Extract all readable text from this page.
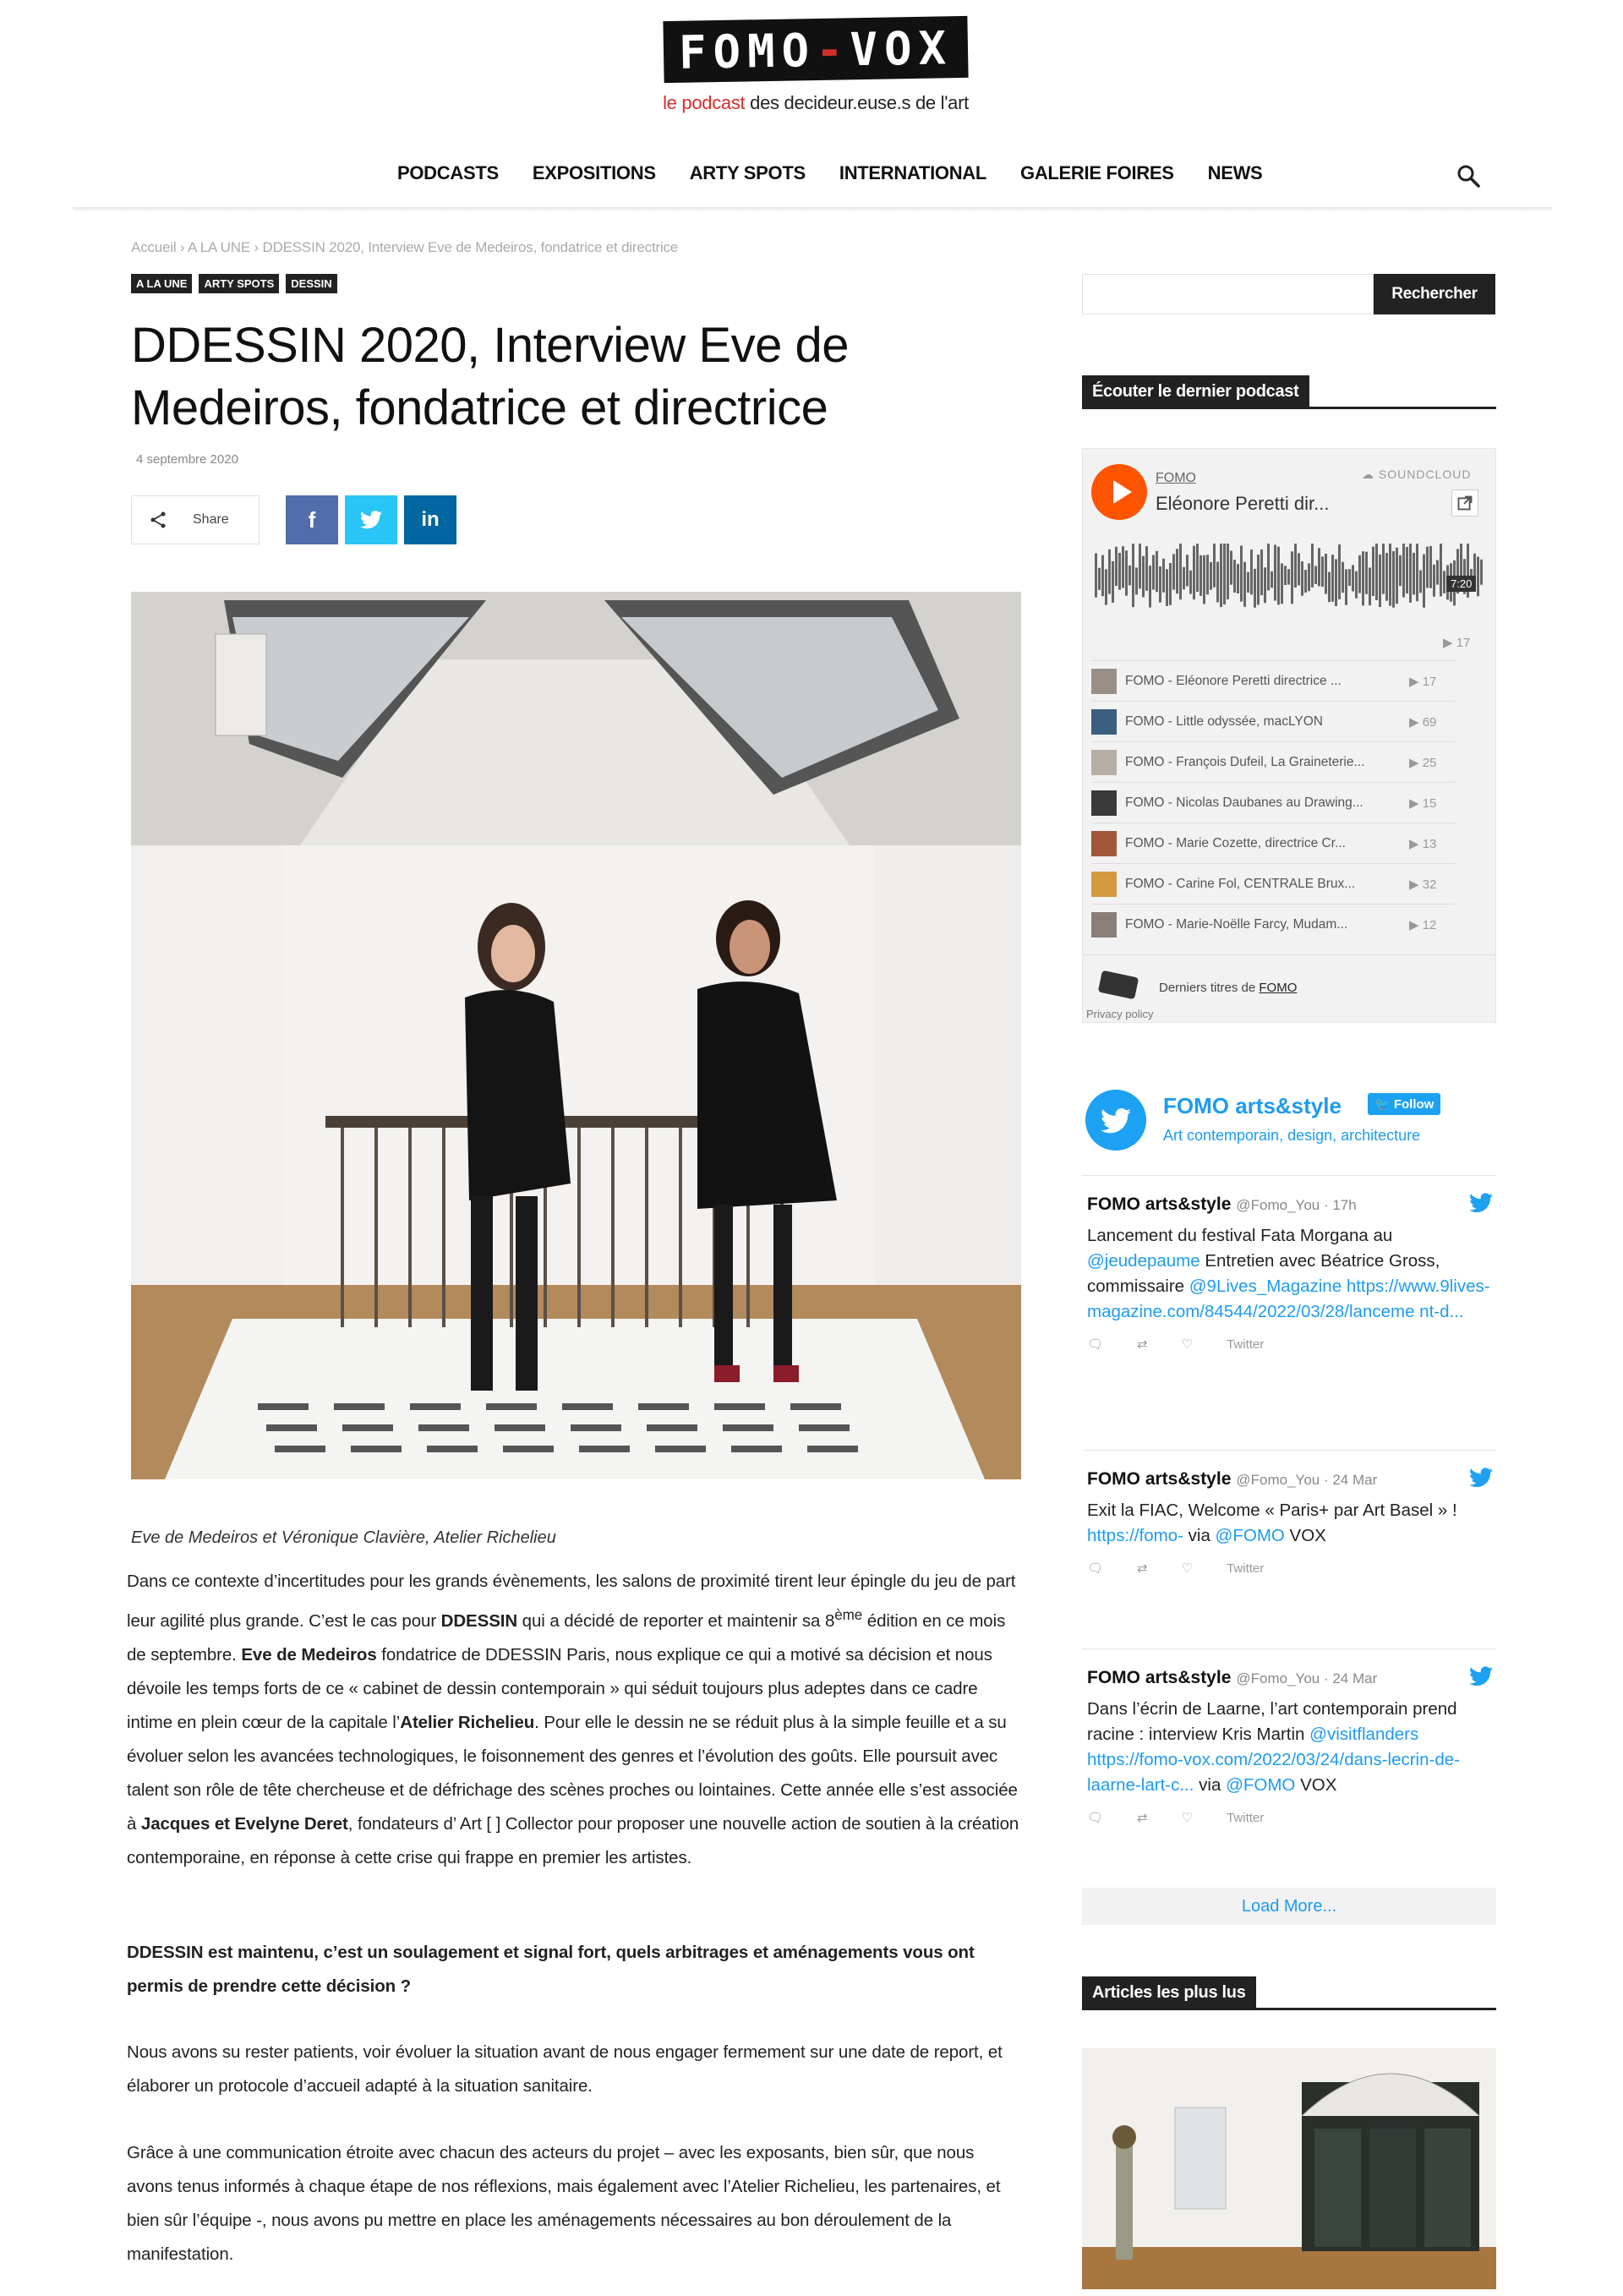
FOMO-VOX
le podcast des decideur.euse.s de l'art
PODCASTS EXPOSITIONS ARTY SPOTS INTERNATIONAL GALERIE FOIRES NEWS
Accueil › A LA UNE › DDESSIN 2020, Interview Eve de Medeiros, fondatrice et directrice
A LA UNE	ARTY SPOTS	DESSIN
DDESSIN 2020, Interview Eve de
Medeiros, fondatrice et directrice
4 septembre 2020
Share	f	in
Eve de Medeiros et Véronique Clavière, Atelier Richelieu
Dans ce contexte d’incertitudes pour les grands évènements, les salons de proximité tirent leur épingle du jeu de part leur agilité plus grande. C’est le cas pour DDESSIN qui a décidé de reporter et maintenir sa 8ème édition en ce mois de septembre. Eve de Medeiros fondatrice de DDESSIN Paris, nous explique ce qui a motivé sa décision et nous dévoile les temps forts de ce « cabinet de dessin contemporain » qui séduit toujours plus adeptes dans ce cadre intime en plein cœur de la capitale l’Atelier Richelieu. Pour elle le dessin ne se réduit plus à la simple feuille et a su évoluer selon les avancées technologiques, le foisonnement des genres et l’évolution des goûts. Elle poursuit avec talent son rôle de tête chercheuse et de défrichage des scènes proches ou lointaines. Cette année elle s’est associée à Jacques et Evelyne Deret, fondateurs d’ Art [ ] Collector pour proposer une nouvelle action de soutien à la création contemporaine, en réponse à cette crise qui frappe en premier les artistes.
DDESSIN est maintenu, c’est un soulagement et signal fort, quels arbitrages et aménagements vous ont permis de prendre cette décision ?
Nous avons su rester patients, voir évoluer la situation avant de nous engager fermement sur une date de report, et élaborer un protocole d’accueil adapté à la situation sanitaire.
Grâce à une communication étroite avec chacun des acteurs du projet – avec les exposants, bien sûr, que nous avons tenus informés à chaque étape de nos réflexions, mais également avec l’Atelier Richelieu, les partenaires, et bien sûr l’équipe -, nous avons pu mettre en place les aménagements nécessaires au bon déroulement de la manifestation.
Rechercher
Écouter le dernier podcast
FOMO
Eléonore Peretti dir...
☁ SOUNDCLOUD
7:20
▶ 17
FOMO - Eléonore Peretti directrice ...	▶ 17
FOMO - Little odyssée, macLYON	▶ 69
FOMO - François Dufeil, La Graineterie...	▶ 25
FOMO - Nicolas Daubanes au Drawing...	▶ 15
FOMO - Marie Cozette, directrice Cr...	▶ 13
FOMO - Carine Fol, CENTRALE Brux...	▶ 32
FOMO - Marie-Noëlle Farcy, Mudam...	▶ 12
Derniers titres de FOMO
Privacy policy
FOMO arts&style	🐦 Follow
Art contemporain, design, architecture
FOMO arts&style @Fomo_You · 17h
Lancement du festival Fata Morgana au @jeudepaume Entretien avec Béatrice Gross, commissaire @9Lives_Magazine https://www.9lives-magazine.com/84544/2022/03/28/lanceme nt-d...
🗨	⇄	♡	Twitter
FOMO arts&style @Fomo_You · 24 Mar
Exit la FIAC, Welcome « Paris+ par Art Basel » ! https://fomo- via @FOMO VOX
🗨	⇄	♡	Twitter
FOMO arts&style @Fomo_You · 24 Mar
Dans l’écrin de Laarne, l’art contemporain prend racine : interview Kris Martin @visitflanders https://fomo-vox.com/2022/03/24/dans-lecrin-de-laarne-lart-c... via @FOMO VOX
🗨	⇄	♡	Twitter
Load More...
Articles les plus lus
